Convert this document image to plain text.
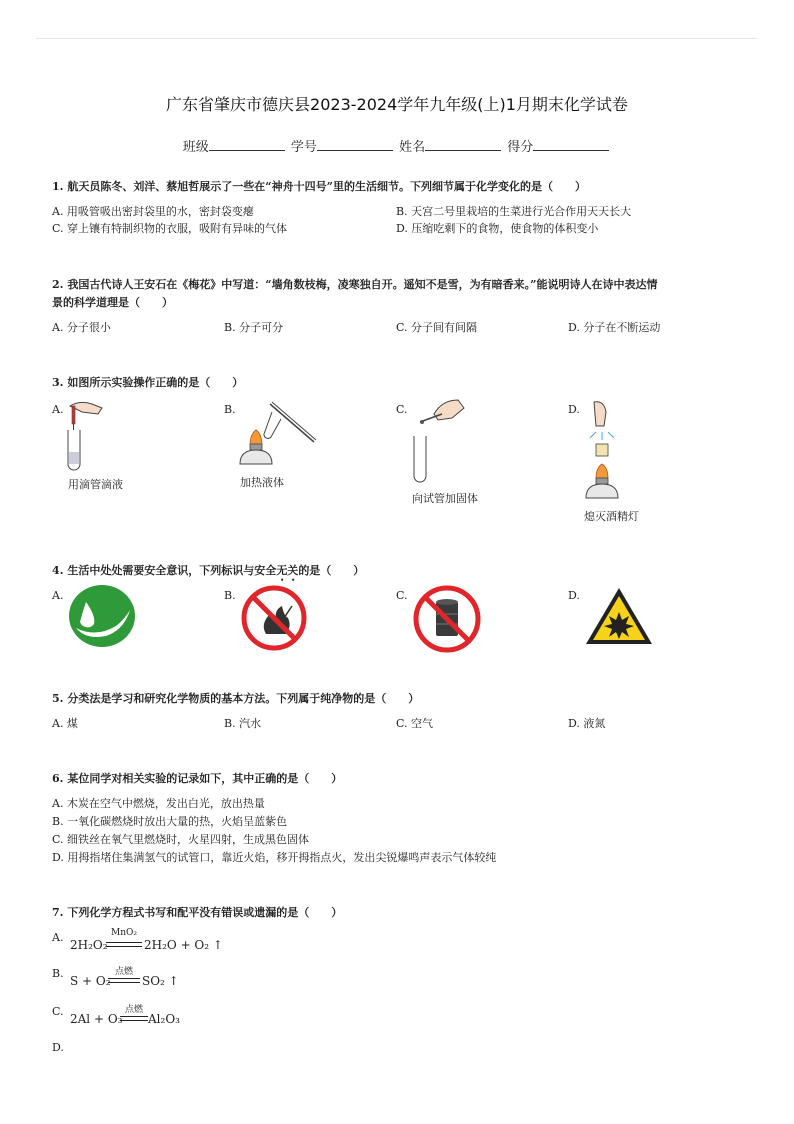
广东省肇庆市德庆县2023-2024学年九年级(上)1月期末化学试卷
班级	学号	姓名	得分
1. 航天员陈冬、刘洋、蔡旭哲展示了一些在“神舟十四号”里的生活细节。下列细节属于化学变化的是（　　）
A. 用吸管吸出密封袋里的水，密封袋变瘪	B. 天宫二号里栽培的生菜进行光合作用天天长大
C. 穿上镶有特制织物的衣服，吸附有异味的气体	D. 压缩吃剩下的食物，使食物的体积变小
2. 我国古代诗人王安石在《梅花》中写道：“墙角数枝梅，凌寒独自开。遥知不是雪，为有暗香来。”能说明诗人在诗中表达情
景的科学道理是（　　）
A. 分子很小	B. 分子可分	C. 分子间有间隔	D. 分子在不断运动
3. 如图所示实验操作正确的是（　　）
A.	B.	C.	D.
用滴管滴液	加热液体
向试管加固体
熄灭酒精灯
4. 生活中处处需要安全意识，下列标识与安全无关的是（　　）
A.	B.	C.	D.
5. 分类法是学习和研究化学物质的基本方法。下列属于纯净物的是（　　）
A. 煤	B. 汽水	C. 空气	D. 液氮
6. 某位同学对相关实验的记录如下，其中正确的是（　　）
A. 木炭在空气中燃烧，发出白光，放出热量
B. 一氧化碳燃烧时放出大量的热，火焰呈蓝紫色
C. 细铁丝在氧气里燃烧时，火星四射，生成黑色固体
D. 用拇指堵住集满氢气的试管口，靠近火焰，移开拇指点火，发出尖锐爆鸣声表示气体较纯
7. 下列化学方程式书写和配平没有错误或遗漏的是（　　）
A.
2H₂O₂
MnO₂
2H₂O + O₂ ↑
B.
S + O₂
点燃
SO₂ ↑
C.
2Al + O₃
点燃
Al₂O₃
D.
